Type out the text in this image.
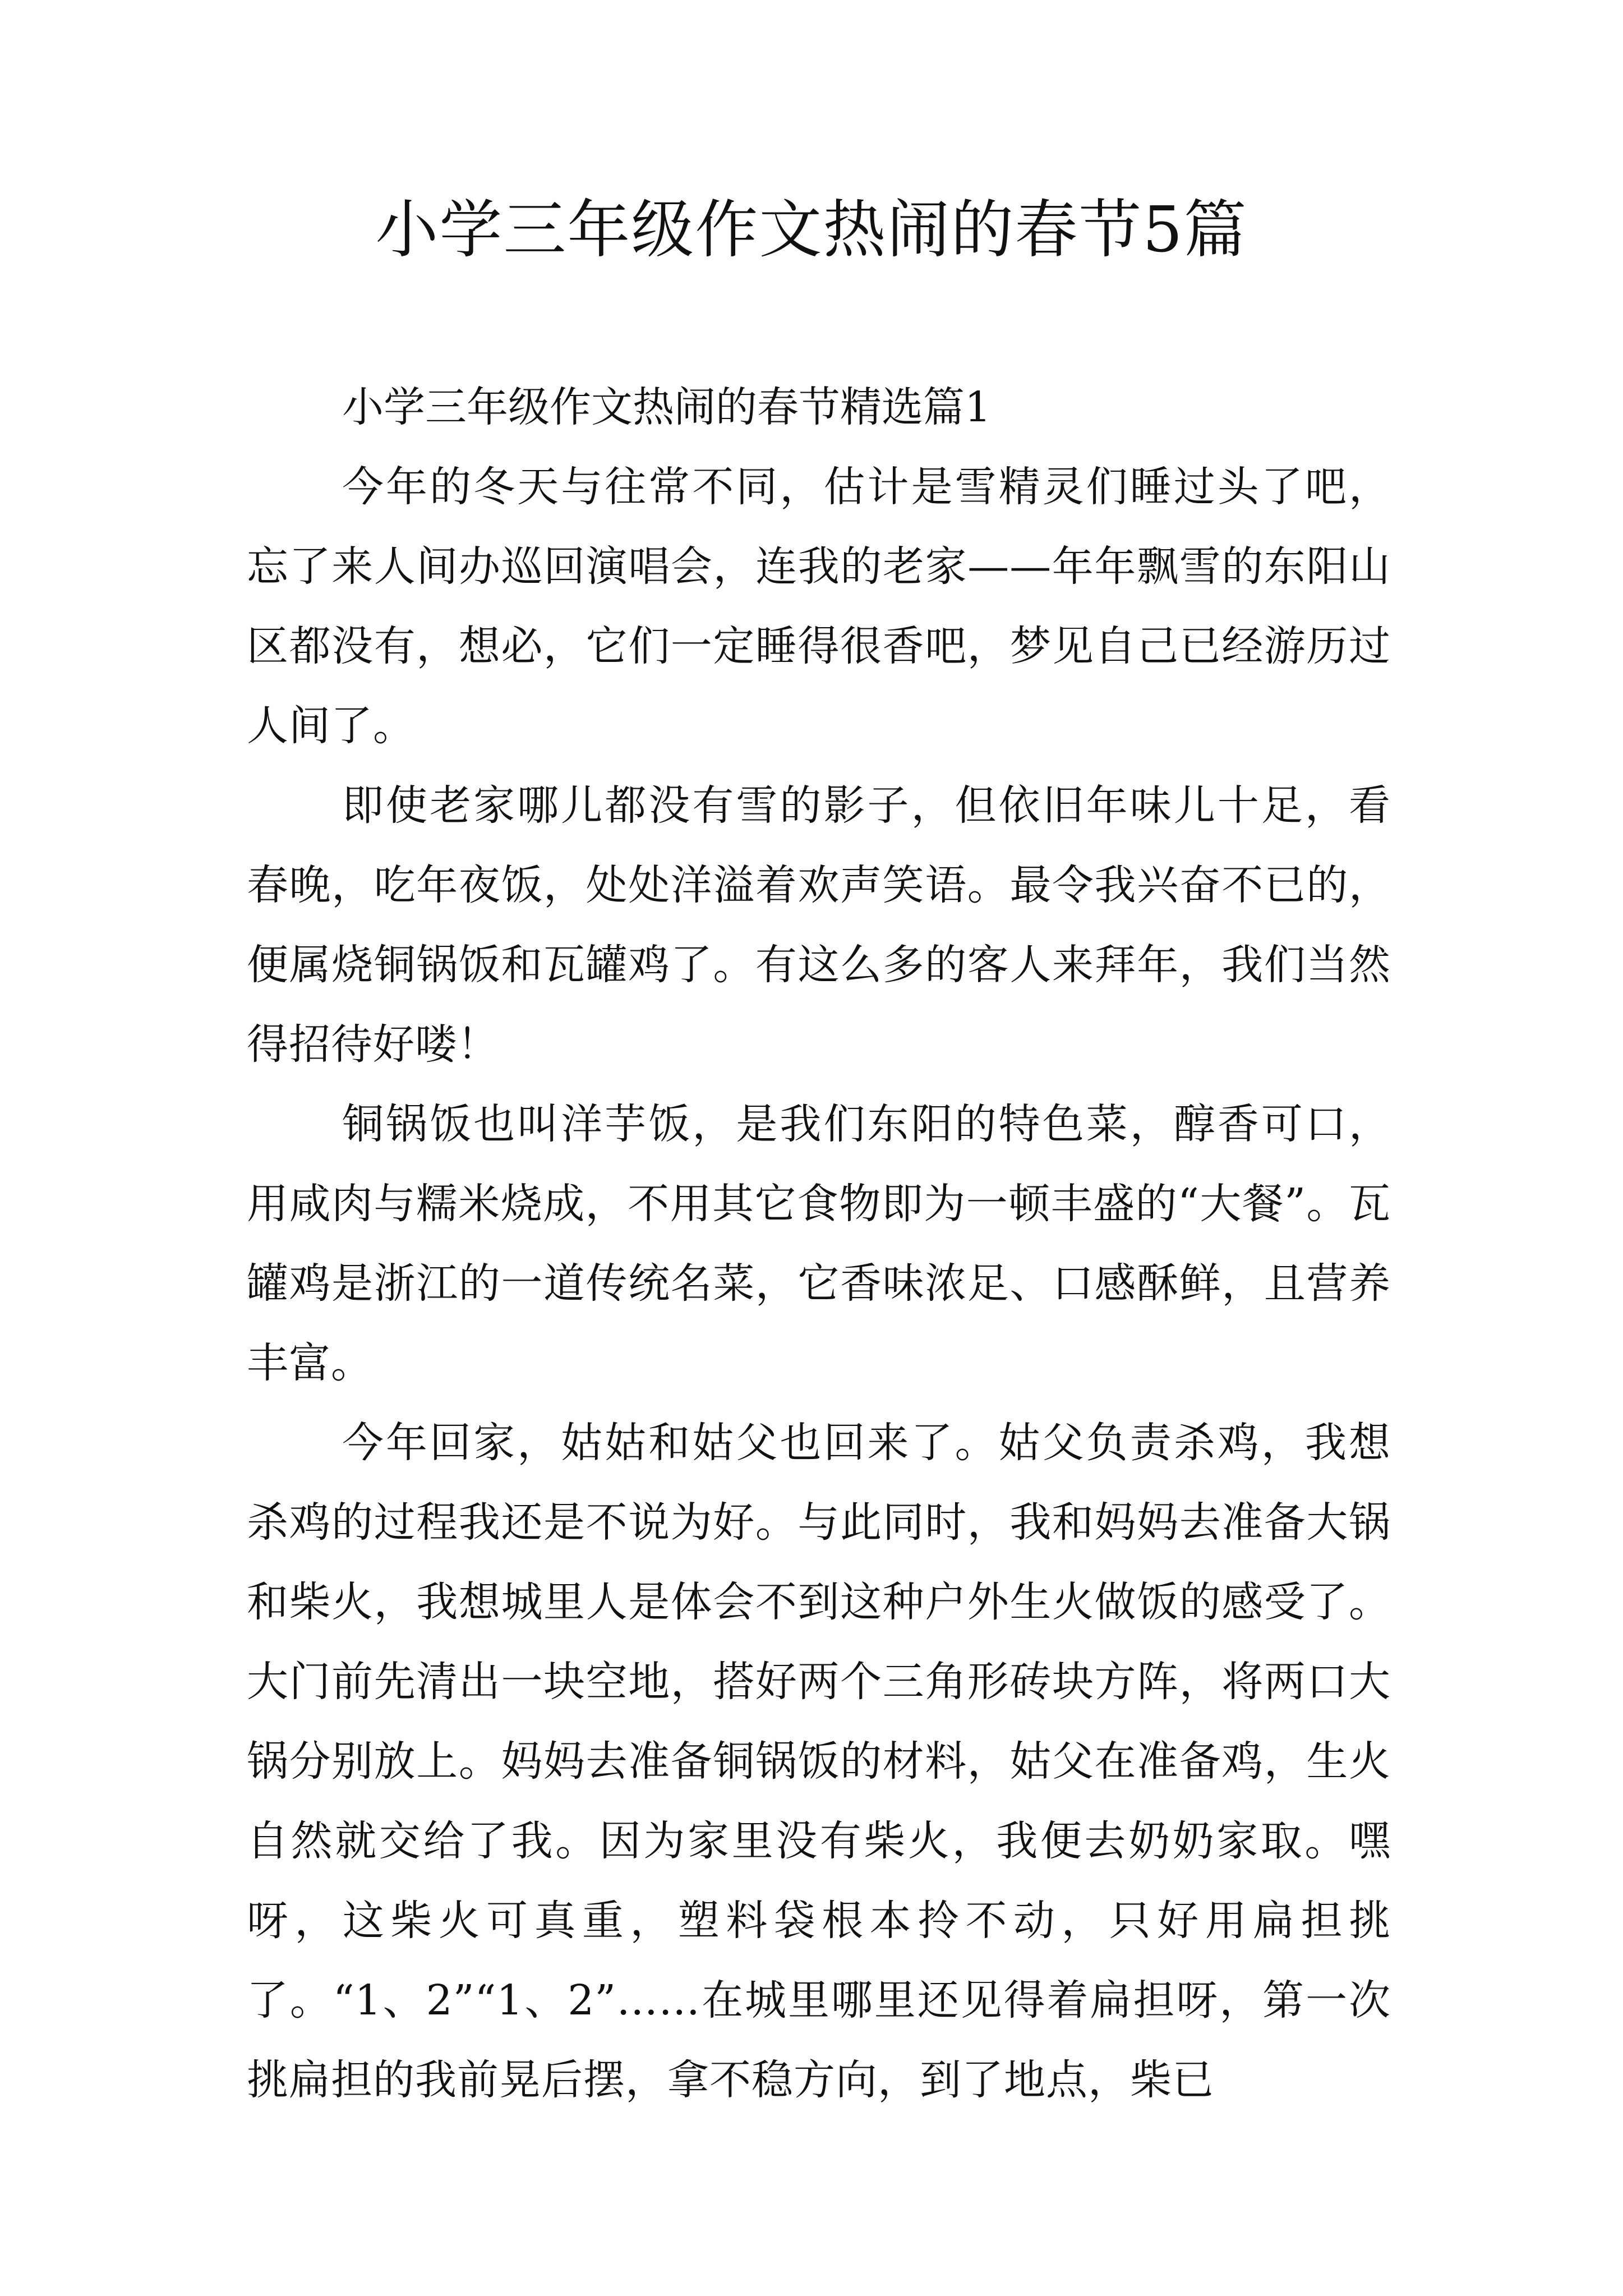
小学三年级作文热闹的春节5篇

小学三年级作文热闹的春节精选篇1

今年的冬天与往常不同，估计是雪精灵们睡过头了吧，忘了来人间办巡回演唱会，连我的老家——年年飘雪的东阳山区都没有，想必，它们一定睡得很香吧，梦见自己已经游历过人间了。

即使老家哪儿都没有雪的影子，但依旧年味儿十足，看春晚，吃年夜饭，处处洋溢着欢声笑语。最令我兴奋不已的，便属烧铜锅饭和瓦罐鸡了。有这么多的客人来拜年，我们当然得招待好喽！

铜锅饭也叫洋芋饭，是我们东阳的特色菜，醇香可口，用咸肉与糯米烧成，不用其它食物即为一顿丰盛的“大餐”。瓦罐鸡是浙江的一道传统名菜，它香味浓足、口感酥鲜，且营养丰富。

今年回家，姑姑和姑父也回来了。姑父负责杀鸡，我想杀鸡的过程我还是不说为好。与此同时，我和妈妈去准备大锅和柴火，我想城里人是体会不到这种户外生火做饭的感受了。大门前先清出一块空地，搭好两个三角形砖块方阵，将两口大锅分别放上。妈妈去准备铜锅饭的材料，姑父在准备鸡，生火自然就交给了我。因为家里没有柴火，我便去奶奶家取。嘿呀，这柴火可真重，塑料袋根本拎不动，只好用扁担挑了。“1、2”“1、2”……在城里哪里还见得着扁担呀，第一次挑扁担的我前晃后摆，拿不稳方向，到了地点，柴已
